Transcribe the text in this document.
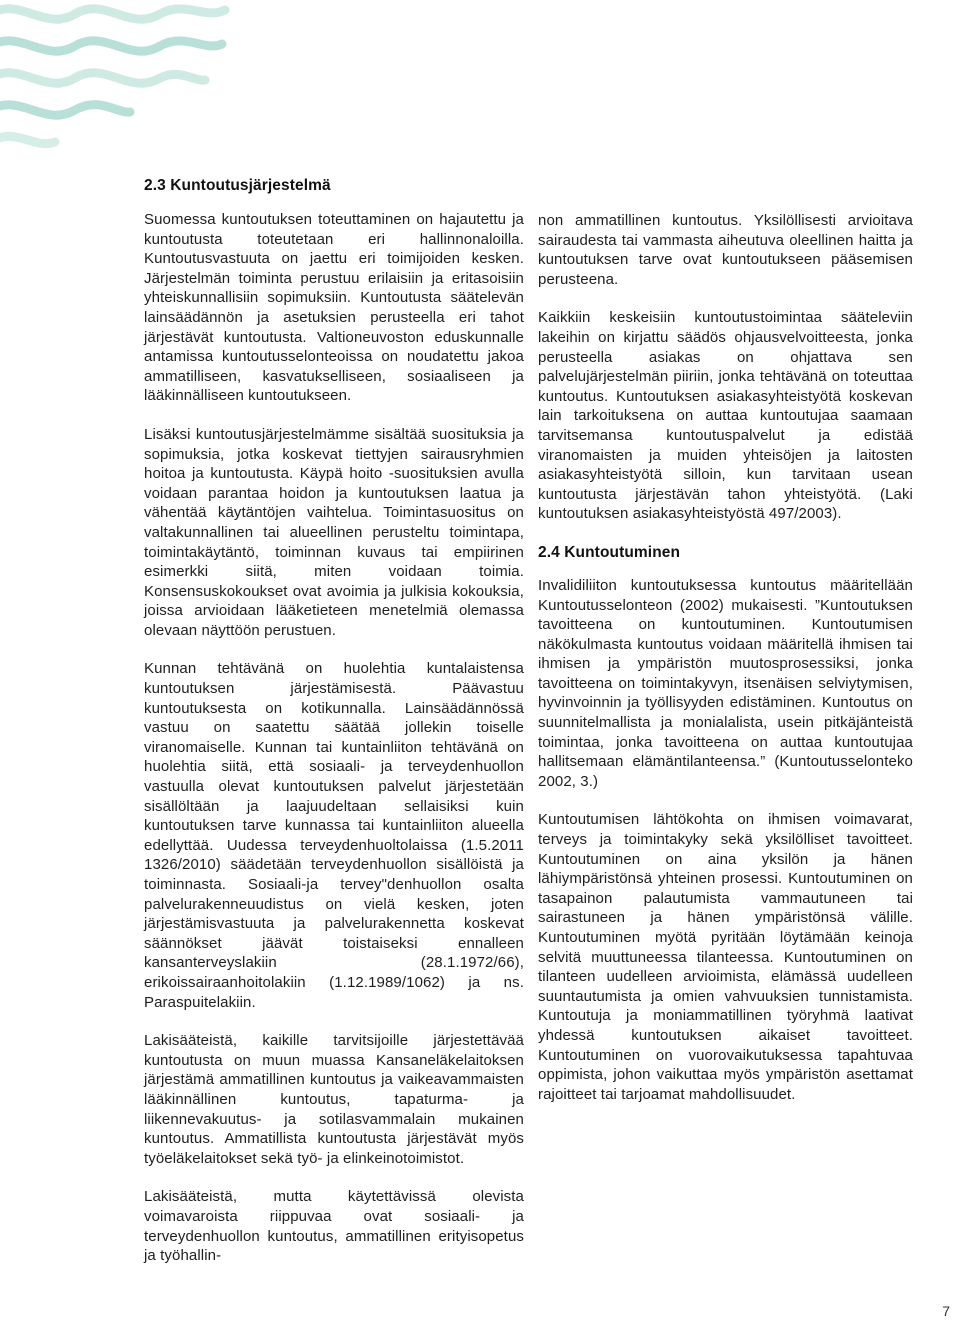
2.3 Kuntoutusjärjestelmä

Suomessa kuntoutuksen toteuttaminen on hajautettu ja kuntoutusta toteutetaan eri hallinnonaloilla. Kuntoutusvastuuta on jaettu eri toimijoiden kesken. Järjestelmän toiminta perustuu erilaisiin ja eritasoisiin yhteiskunnallisiin sopimuksiin. Kuntoutusta säätelevän lainsäädännön ja asetuksien perusteella eri tahot järjestävät kuntoutusta. Valtioneuvoston eduskunnalle antamissa kuntoutusselonteoissa on noudatettu jakoa ammatilliseen, kasvatukselliseen, sosiaaliseen ja lääkinnälliseen kuntoutukseen.

Lisäksi kuntoutusjärjestelmämme sisältää suosituksia ja sopimuksia, jotka koskevat tiettyjen sairausryhmien hoitoa ja kuntoutusta. Käypä hoito -suosituksien avulla voidaan parantaa hoidon ja kuntoutuksen laatua ja vähentää käytäntöjen vaihtelua. Toimintasuositus on valtakunnallinen tai alueellinen perusteltu toimintapa, toimintakäytäntö, toiminnan kuvaus tai empiirinen esimerkki siitä, miten voidaan toimia. Konsensuskokoukset ovat avoimia ja julkisia kokouksia, joissa arvioidaan lääketieteen menetelmiä olemassa olevaan näyttöön perustuen.

Kunnan tehtävänä on huolehtia kuntalaistensa kuntoutuksen järjestämisestä. Päävastuu kuntoutuksesta on kotikunnalla. Lainsäädännössä vastuu on saatettu säätää jollekin toiselle viranomaiselle. Kunnan tai kuntainliiton tehtävänä on huolehtia siitä, että sosiaali- ja terveydenhuollon vastuulla olevat kuntoutuksen palvelut järjestetään sisällöltään ja laajuudeltaan sellaisiksi kuin kuntoutuksen tarve kunnassa tai kuntainliiton alueella edellyttää. Uudessa terveydenhuoltolaissa (1.5.2011 1326/2010) säädetään terveydenhuollon sisällöistä ja toiminnasta. Sosiaali-ja tervey"denhuollon osalta palvelurakenneuudistus on vielä kesken, joten järjestämisvastuuta ja palvelurakennetta koskevat säännökset jäävät toistaiseksi ennalleen kansanterveyslakiin (28.1.1972/66), erikoissairaanhoitolakiin (1.12.1989/1062) ja ns. Paraspuitelakiin.

Lakisääteistä, kaikille tarvitsijoille järjestettävää kuntoutusta on muun muassa Kansaneläkelaitoksen järjestämä ammatillinen kuntoutus ja vaikeavammaisten lääkinnällinen kuntoutus, tapaturma- ja liikennevakuutus- ja sotilasvammalain mukainen kuntoutus. Ammatillista kuntoutusta järjestävät myös työeläkelaitokset sekä työ- ja elinkeinotoimistot.

Lakisääteistä, mutta käytettävissä olevista voimavaroista riippuvaa ovat sosiaali- ja terveydenhuollon kuntoutus, ammatillinen erityisopetus ja työhallin-

non ammatillinen kuntoutus. Yksilöllisesti arvioitava sairaudesta tai vammasta aiheutuva oleellinen haitta ja kuntoutuksen tarve ovat kuntoutukseen pääsemisen perusteena.

Kaikkiin keskeisiin kuntoutustoimintaa sääteleviin lakeihin on kirjattu säädös ohjausvelvoitteesta, jonka perusteella asiakas on ohjattava sen palvelujärjestelmän piiriin, jonka tehtävänä on toteuttaa kuntoutus. Kuntoutuksen asiakasyhteistyötä koskevan lain tarkoituksena on auttaa kuntoutujaa saamaan tarvitsemansa kuntoutuspalvelut ja edistää viranomaisten ja muiden yhteisöjen ja laitosten asiakasyhteistyötä silloin, kun tarvitaan usean kuntoutusta järjestävän tahon yhteistyötä. (Laki kuntoutuksen asiakasyhteistyöstä 497/2003).

2.4 Kuntoutuminen

Invalidiliiton kuntoutuksessa kuntoutus määritellään Kuntoutusselonteon (2002) mukaisesti. ”Kuntoutuksen tavoitteena on kuntoutuminen. Kuntoutumisen näkökulmasta kuntoutus voidaan määritellä ihmisen tai ihmisen ja ympäristön muutosprosessiksi, jonka tavoitteena on toimintakyvyn, itsenäisen selviytymisen, hyvinvoinnin ja työllisyyden edistäminen. Kuntoutus on suunnitelmallista ja monialalista, usein pitkäjänteistä toimintaa, jonka tavoitteena on auttaa kuntoutujaa hallitsemaan elämäntilanteensa.” (Kuntoutusselonteko 2002, 3.)

Kuntoutumisen lähtökohta on ihmisen voimavarat, terveys ja toimintakyky sekä yksilölliset tavoitteet. Kuntoutuminen on aina yksilön ja hänen lähiympäristönsä yhteinen prosessi. Kuntoutuminen on tasapainon palautumista vammautuneen tai sairastuneen ja hänen ympäristönsä välille. Kuntoutuminen myötä pyritään löytämään keinoja selvitä muuttuneessa tilanteessa. Kuntoutuminen on tilanteen uudelleen arvioimista, elämässä uudelleen suuntautumista ja omien vahvuuksien tunnistamista. Kuntoutuja ja moniammatillinen työryhmä laativat yhdessä kuntoutuksen aikaiset tavoitteet. Kuntoutuminen on vuorovaikutuksessa tapahtuvaa oppimista, johon vaikuttaa myös ympäristön asettamat rajoitteet tai tarjoamat mahdollisuudet.

7
